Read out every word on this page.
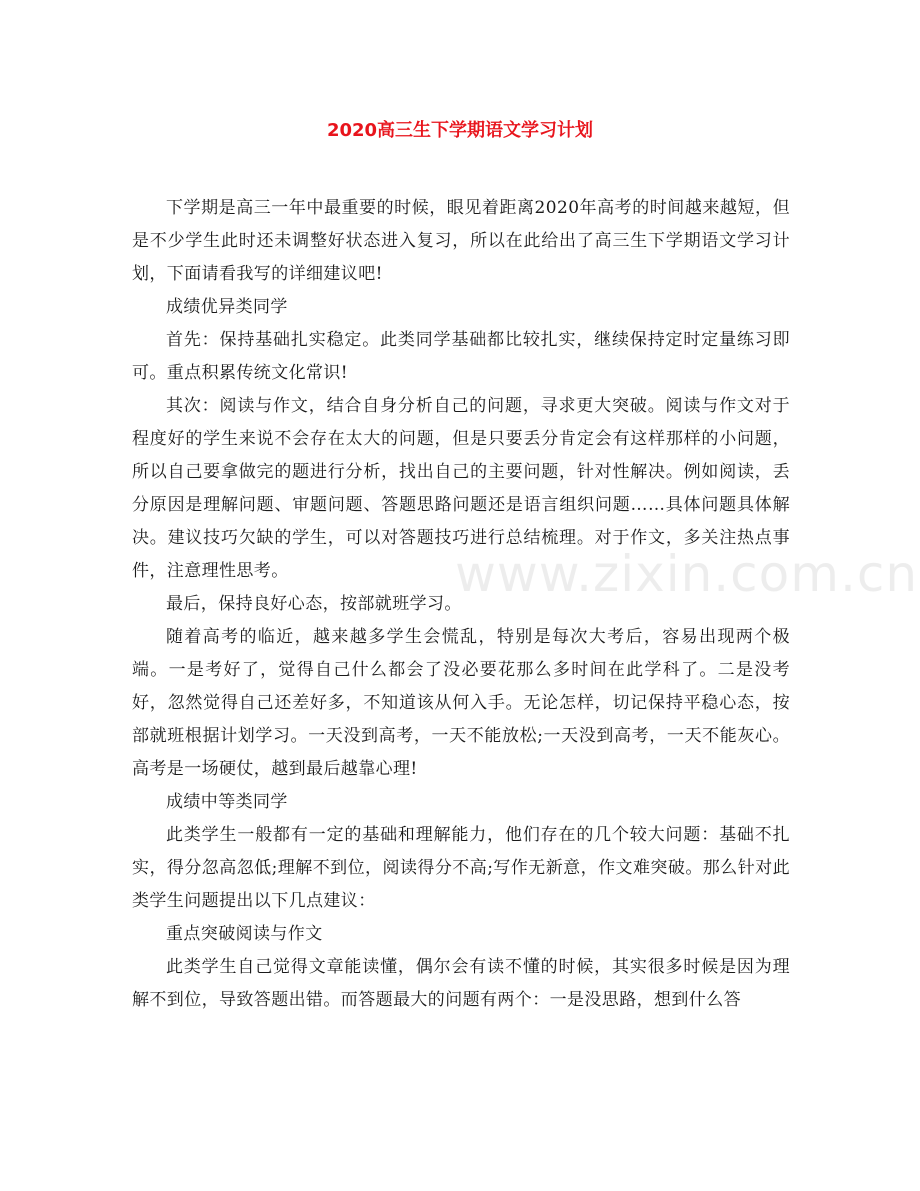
2020高三生下学期语文学习计划
www.zixin.com.cn

下学期是高三一年中最重要的时候，眼见着距离2020年高考的时间越来越短，但是不少学生此时还未调整好状态进入复习，所以在此给出了高三生下学期语文学习计划，下面请看我写的详细建议吧!

成绩优异类同学

首先：保持基础扎实稳定。此类同学基础都比较扎实，继续保持定时定量练习即可。重点积累传统文化常识!

其次：阅读与作文，结合自身分析自己的问题，寻求更大突破。阅读与作文对于程度好的学生来说不会存在太大的问题，但是只要丢分肯定会有这样那样的小问题，所以自己要拿做完的题进行分析，找出自己的主要问题，针对性解决。例如阅读，丢分原因是理解问题、审题问题、答题思路问题还是语言组织问题……具体问题具体解决。建议技巧欠缺的学生，可以对答题技巧进行总结梳理。对于作文，多关注热点事件，注意理性思考。

最后，保持良好心态，按部就班学习。

随着高考的临近，越来越多学生会慌乱，特别是每次大考后，容易出现两个极端。一是考好了，觉得自己什么都会了没必要花那么多时间在此学科了。二是没考好，忽然觉得自己还差好多，不知道该从何入手。无论怎样，切记保持平稳心态，按部就班根据计划学习。一天没到高考，一天不能放松;一天没到高考，一天不能灰心。高考是一场硬仗，越到最后越靠心理!

成绩中等类同学

此类学生一般都有一定的基础和理解能力，他们存在的几个较大问题：基础不扎实，得分忽高忽低;理解不到位，阅读得分不高;写作无新意，作文难突破。那么针对此类学生问题提出以下几点建议：

重点突破阅读与作文

此类学生自己觉得文章能读懂，偶尔会有读不懂的时候，其实很多时候是因为理解不到位，导致答题出错。而答题最大的问题有两个：一是没思路，想到什么答
